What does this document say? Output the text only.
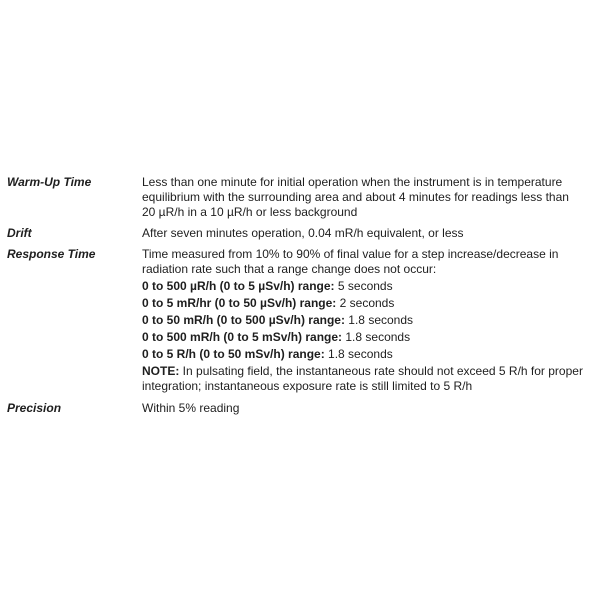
Warm-Up Time	Less than one minute for initial operation when the instrument is in temperature equilibrium with the surrounding area and about 4 minutes for readings less than 20 µR/h in a 10 µR/h or less background
Drift	After seven minutes operation, 0.04 mR/h equivalent, or less
Response Time	Time measured from 10% to 90% of final value for a step increase/decrease in radiation rate such that a range change does not occur:

0 to 500 µR/h (0 to 5 µSv/h) range: 5 seconds

0 to 5 mR/hr (0 to 50 µSv/h) range: 2 seconds

0 to 50 mR/h (0 to 500 µSv/h) range: 1.8 seconds

0 to 500 mR/h (0 to 5 mSv/h) range: 1.8 seconds

0 to 5 R/h (0 to 50 mSv/h) range: 1.8 seconds

NOTE: In pulsating field, the instantaneous rate should not exceed 5 R/h for proper integration; instantaneous exposure rate is still limited to 5 R/h

Precision	Within 5% reading
